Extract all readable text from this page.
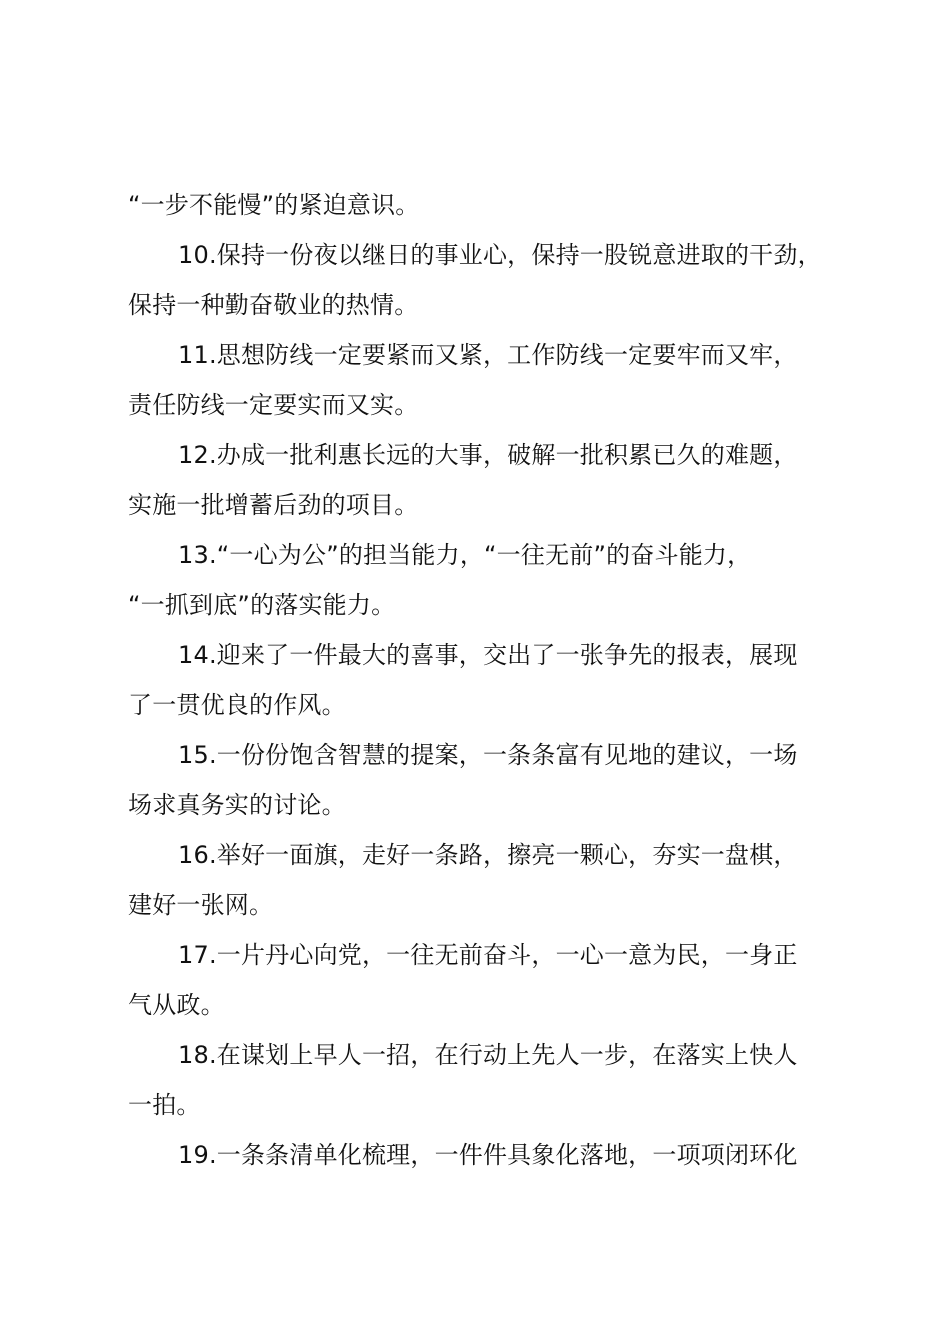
“一步不能慢”的紧迫意识。
10.保持一份夜以继日的事业心，保持一股锐意进取的干劲，
保持一种勤奋敬业的热情。
11.思想防线一定要紧而又紧，工作防线一定要牢而又牢，
责任防线一定要实而又实。
12.办成一批利惠长远的大事，破解一批积累已久的难题，
实施一批增蓄后劲的项目。
13.“一心为公”的担当能力，“一往无前”的奋斗能力，
“一抓到底”的落实能力。
14.迎来了一件最大的喜事，交出了一张争先的报表，展现
了一贯优良的作风。
15.一份份饱含智慧的提案，一条条富有见地的建议，一场
场求真务实的讨论。
16.举好一面旗，走好一条路，擦亮一颗心，夯实一盘棋，
建好一张网。
17.一片丹心向党，一往无前奋斗，一心一意为民，一身正
气从政。
18.在谋划上早人一招，在行动上先人一步，在落实上快人
一拍。
19.一条条清单化梳理，一件件具象化落地，一项项闭环化
